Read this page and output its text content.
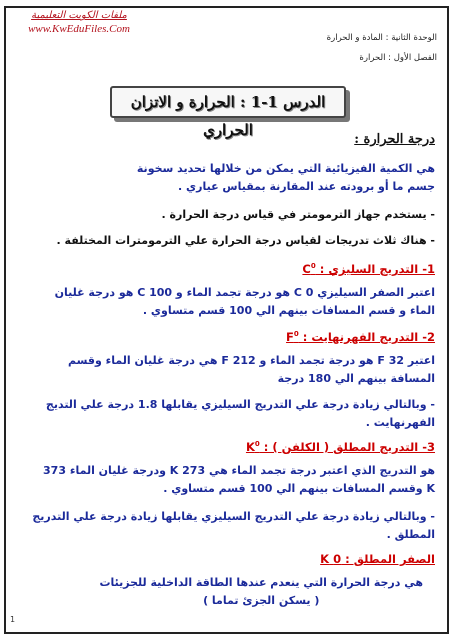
ملفات الكويت التعليمية
www.KwEduFiles.Com
الوحدة الثانية : المادة و الحرارة
الفصل الأول : الحرارة
الدرس 1-1 : الحرارة و الاتزان الحراري
درجة الحرارة :
هي الكمية الفيزيائية التي يمكن من خلالها تحديد سخونة
جسم ما أو برودته عند المقارنة بمقياس عياري .
- يستخدم جهاز الترمومتر في قياس درجة الحرارة .
- هناك ثلاث تدريجات لقياس درجة الحرارة علي الترمومترات المختلفة .
1- التدريج السليزي : $C^0$
اعتبر الصفر السيليزي 0 C هو درجة تجمد الماء و 100 C هو درجة غليان
الماء و قسم المسافات بينهم الي 100 قسم متساوي .
2- التدريج الفهرنهايت : $F^0$
اعتبر 32 F هو درجة تجمد الماء و 212 F هي درجة غليان الماء وقسم
المسافة بينهم الي 180 درجة
- وبالتالي زيادة درجة علي التدريج السيليزي يقابلها 1.8 درجة علي التديج
الفهرنهايت .
3- التدريج المطلق ( الكلفن ) : $K^0$
هو التدريج الذي اعتبر درجة تجمد الماء هي 273 K ودرجة غليان الماء 373
K وقسم المسافات بينهم الي 100 قسم متساوي .
- وبالتالي زيادة درجة علي التدريج السيليزي يقابلها زيادة درجة علي التدريج
المطلق .
الصفر المطلق : 0 K
هي درجة الحرارة التي ينعدم عندها الطاقة الداخلية للجزيئات
( يسكن الجزئ تماما )
1
